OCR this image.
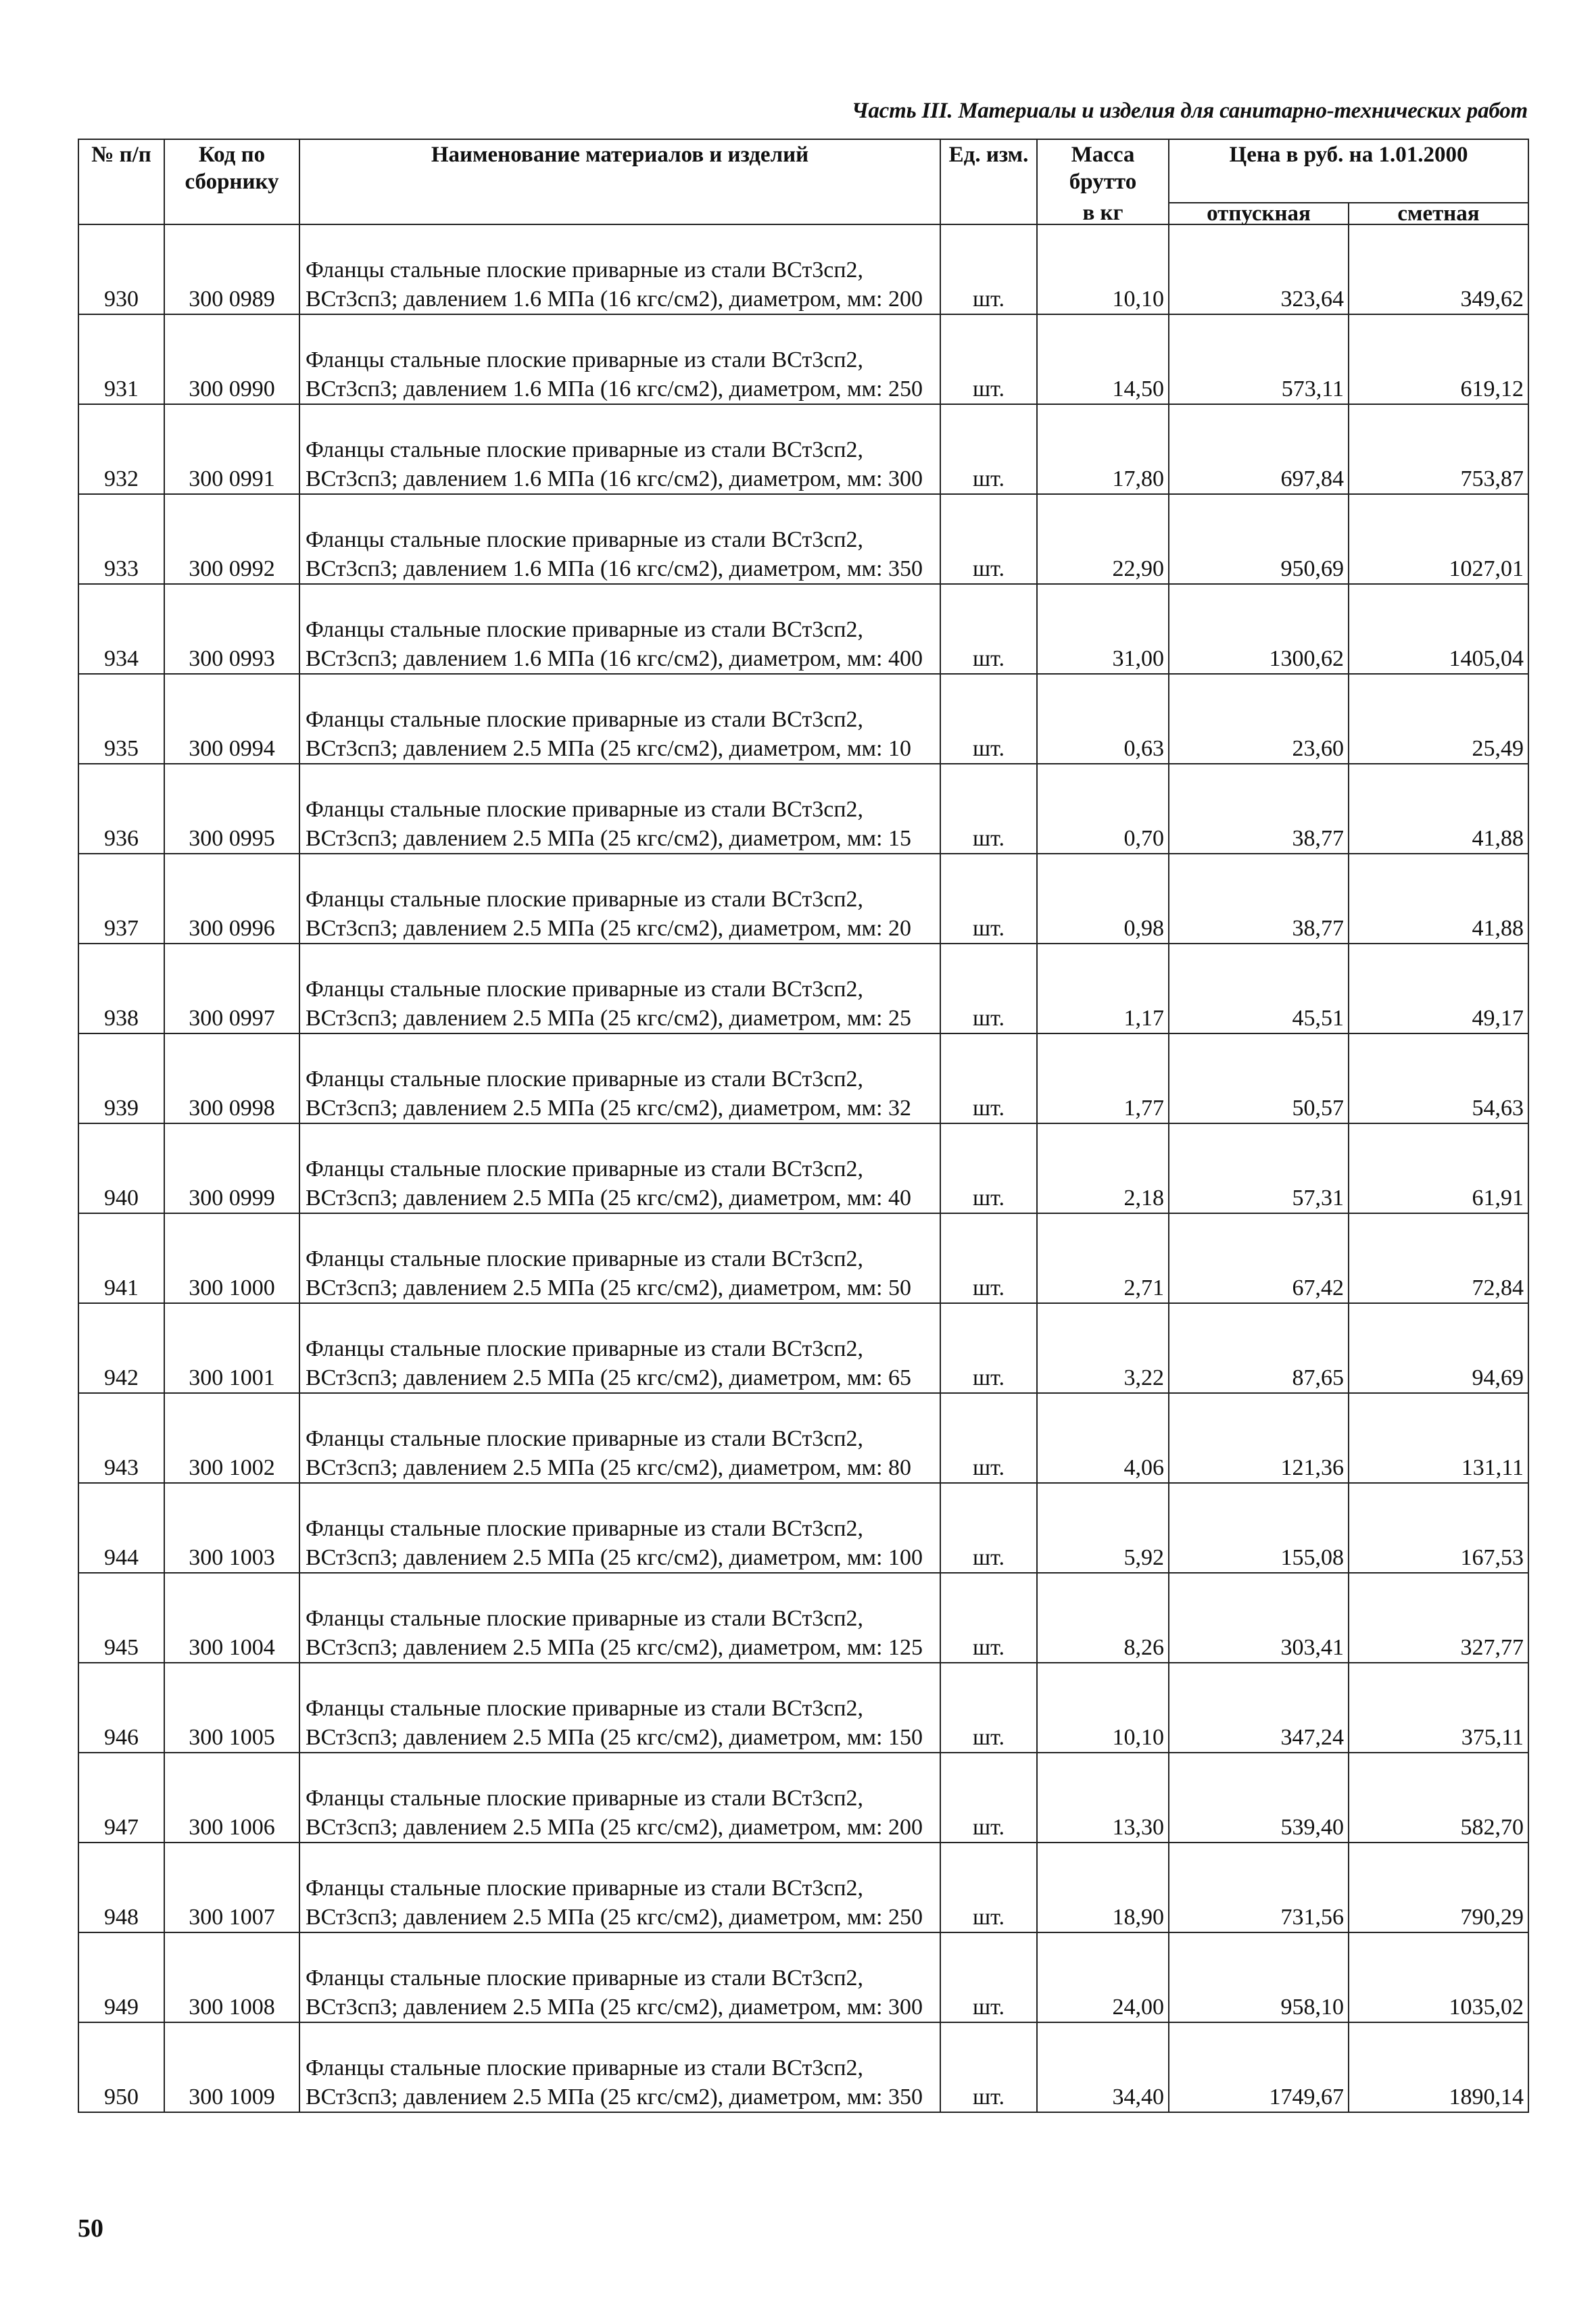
Часть III. Материалы и изделия для санитарно-технических работ
№ п/п	Код по сборнику	Наименование материалов и изделий	Ед. изм.	Масса брутто	Цена в руб. на 1.01.2000	
				в кг	отпускная	сметная
930	300 0989	Фланцы стальные плоские приварные из стали ВСт3сп2, ВСт3сп3; давлением 1.6 МПа (16 кгс/см2), диаметром, мм: 200	шт.	10,10	323,64	349,62
931	300 0990	Фланцы стальные плоские приварные из стали ВСт3сп2, ВСт3сп3; давлением 1.6 МПа (16 кгс/см2), диаметром, мм: 250	шт.	14,50	573,11	619,12
932	300 0991	Фланцы стальные плоские приварные из стали ВСт3сп2, ВСт3сп3; давлением 1.6 МПа (16 кгс/см2), диаметром, мм: 300	шт.	17,80	697,84	753,87
933	300 0992	Фланцы стальные плоские приварные из стали ВСт3сп2, ВСт3сп3; давлением 1.6 МПа (16 кгс/см2), диаметром, мм: 350	шт.	22,90	950,69	1027,01
934	300 0993	Фланцы стальные плоские приварные из стали ВСт3сп2, ВСт3сп3; давлением 1.6 МПа (16 кгс/см2), диаметром, мм: 400	шт.	31,00	1300,62	1405,04
935	300 0994	Фланцы стальные плоские приварные из стали ВСт3сп2, ВСт3сп3; давлением 2.5 МПа (25 кгс/см2), диаметром, мм: 10	шт.	0,63	23,60	25,49
936	300 0995	Фланцы стальные плоские приварные из стали ВСт3сп2, ВСт3сп3; давлением 2.5 МПа (25 кгс/см2), диаметром, мм: 15	шт.	0,70	38,77	41,88
937	300 0996	Фланцы стальные плоские приварные из стали ВСт3сп2, ВСт3сп3; давлением 2.5 МПа (25 кгс/см2), диаметром, мм: 20	шт.	0,98	38,77	41,88
938	300 0997	Фланцы стальные плоские приварные из стали ВСт3сп2, ВСт3сп3; давлением 2.5 МПа (25 кгс/см2), диаметром, мм: 25	шт.	1,17	45,51	49,17
939	300 0998	Фланцы стальные плоские приварные из стали ВСт3сп2, ВСт3сп3; давлением 2.5 МПа (25 кгс/см2), диаметром, мм: 32	шт.	1,77	50,57	54,63
940	300 0999	Фланцы стальные плоские приварные из стали ВСт3сп2, ВСт3сп3; давлением 2.5 МПа (25 кгс/см2), диаметром, мм: 40	шт.	2,18	57,31	61,91
941	300 1000	Фланцы стальные плоские приварные из стали ВСт3сп2, ВСт3сп3; давлением 2.5 МПа (25 кгс/см2), диаметром, мм: 50	шт.	2,71	67,42	72,84
942	300 1001	Фланцы стальные плоские приварные из стали ВСт3сп2, ВСт3сп3; давлением 2.5 МПа (25 кгс/см2), диаметром, мм: 65	шт.	3,22	87,65	94,69
943	300 1002	Фланцы стальные плоские приварные из стали ВСт3сп2, ВСт3сп3; давлением 2.5 МПа (25 кгс/см2), диаметром, мм: 80	шт.	4,06	121,36	131,11
944	300 1003	Фланцы стальные плоские приварные из стали ВСт3сп2, ВСт3сп3; давлением 2.5 МПа (25 кгс/см2), диаметром, мм: 100	шт.	5,92	155,08	167,53
945	300 1004	Фланцы стальные плоские приварные из стали ВСт3сп2, ВСт3сп3; давлением 2.5 МПа (25 кгс/см2), диаметром, мм: 125	шт.	8,26	303,41	327,77
946	300 1005	Фланцы стальные плоские приварные из стали ВСт3сп2, ВСт3сп3; давлением 2.5 МПа (25 кгс/см2), диаметром, мм: 150	шт.	10,10	347,24	375,11
947	300 1006	Фланцы стальные плоские приварные из стали ВСт3сп2, ВСт3сп3; давлением 2.5 МПа (25 кгс/см2), диаметром, мм: 200	шт.	13,30	539,40	582,70
948	300 1007	Фланцы стальные плоские приварные из стали ВСт3сп2, ВСт3сп3; давлением 2.5 МПа (25 кгс/см2), диаметром, мм: 250	шт.	18,90	731,56	790,29
949	300 1008	Фланцы стальные плоские приварные из стали ВСт3сп2, ВСт3сп3; давлением 2.5 МПа (25 кгс/см2), диаметром, мм: 300	шт.	24,00	958,10	1035,02
950	300 1009	Фланцы стальные плоские приварные из стали ВСт3сп2, ВСт3сп3; давлением 2.5 МПа (25 кгс/см2), диаметром, мм: 350	шт.	34,40	1749,67	1890,14
50
